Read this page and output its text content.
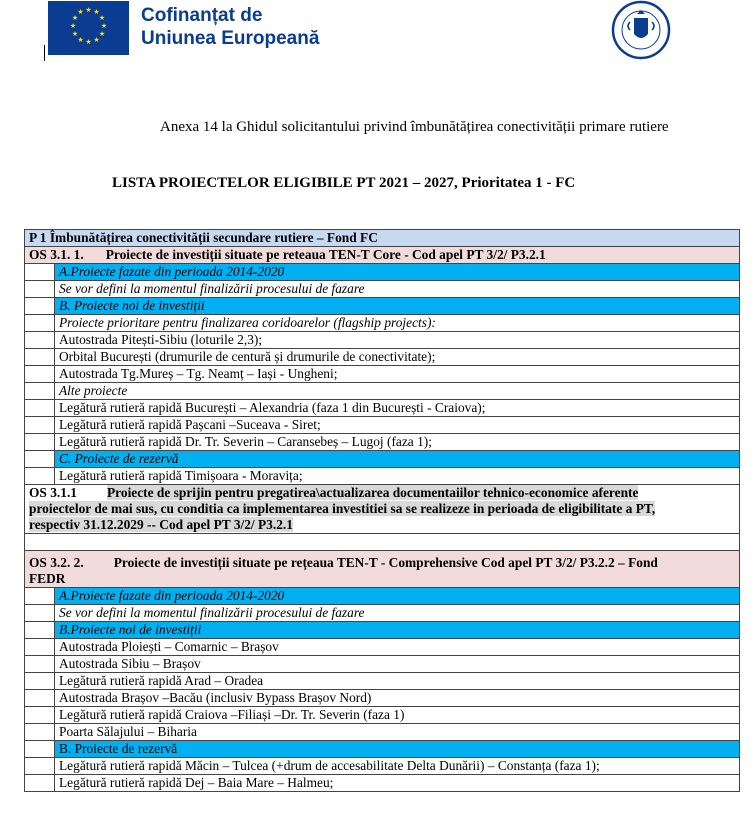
★ ★
★
★
★
★
★
★
★
★
★
★	Cofinanțat de
Uniunea Europeană
Anexa 14 la Ghidul solicitantului privind îmbunătățirea conectivității primare rutiere
LISTA PROIECTELOR ELIGIBILE PT 2021 – 2027, Prioritatea 1 - FC
P 1 Îmbunătățirea conectivității secundare rutiere – Fond FC	
OS 3.1. 1. Proiecte de investiții situate pe reteaua TEN-T Core - Cod apel PT 3/2/ P3.2.1	
	A.Proiecte fazate din perioada 2014-2020
	Se vor defini la momentul finalizării procesului de fazare
	B. Proiecte noi de investiții
	Proiecte prioritare pentru finalizarea coridoarelor (flagship projects):
	Autostrada Pitești-Sibiu (loturile 2,3);
	Orbital București (drumurile de centură și drumurile de conectivitate);
	Autostrada Tg.Mureș – Tg. Neamț – Iași - Ungheni;
	Alte proiecte
	Legătură rutieră rapidă București – Alexandria (faza 1 din București - Craiova);
	Legătură rutieră rapidă Pașcani –Suceava - Siret;
	Legătură rutieră rapidă Dr. Tr. Severin – Caransebeș – Lugoj (faza 1);
	C. Proiecte de rezervă
	Legătură rutieră rapidă Timișoara - Moravița;

OS 3.1.1 Proiecte de sprijin pentru pregatirea\actualizarea documentaiilor tehnico-economice aferente
proiectelor de mai sus, cu conditia ca implementarea investitiei sa se realizeze in perioada de eligibilitate a PT,
respectiv 31.12.2029 -- Cod apel PT 3/2/ P3.2.1	

OS 3.2. 2. Proiecte de investiții situate pe rețeaua TEN-T - Comprehensive Cod apel PT 3/2/ P3.2.2 – Fond
FEDR	

	A.Proiecte fazate din perioada 2014-2020
	Se vor defini la momentul finalizării procesului de fazare
	B.Proiecte noi de investiții
	Autostrada Ploiești – Comarnic – Brașov
	Autostrada Sibiu – Brașov
	Legătură rutieră rapidă Arad – Oradea
	Autostrada Brașov –Bacău (inclusiv Bypass Brașov Nord)
	Legătură rutieră rapidă Craiova –Filiași –Dr. Tr. Severin (faza 1)
	Poarta Sălajului – Biharia
	B. Proiecte de rezervă
	Legătură rutieră rapidă Măcin – Tulcea (+drum de accesabilitate Delta Dunării) – Constanța (faza 1);
	Legătură rutieră rapidă Dej – Baia Mare – Halmeu;
